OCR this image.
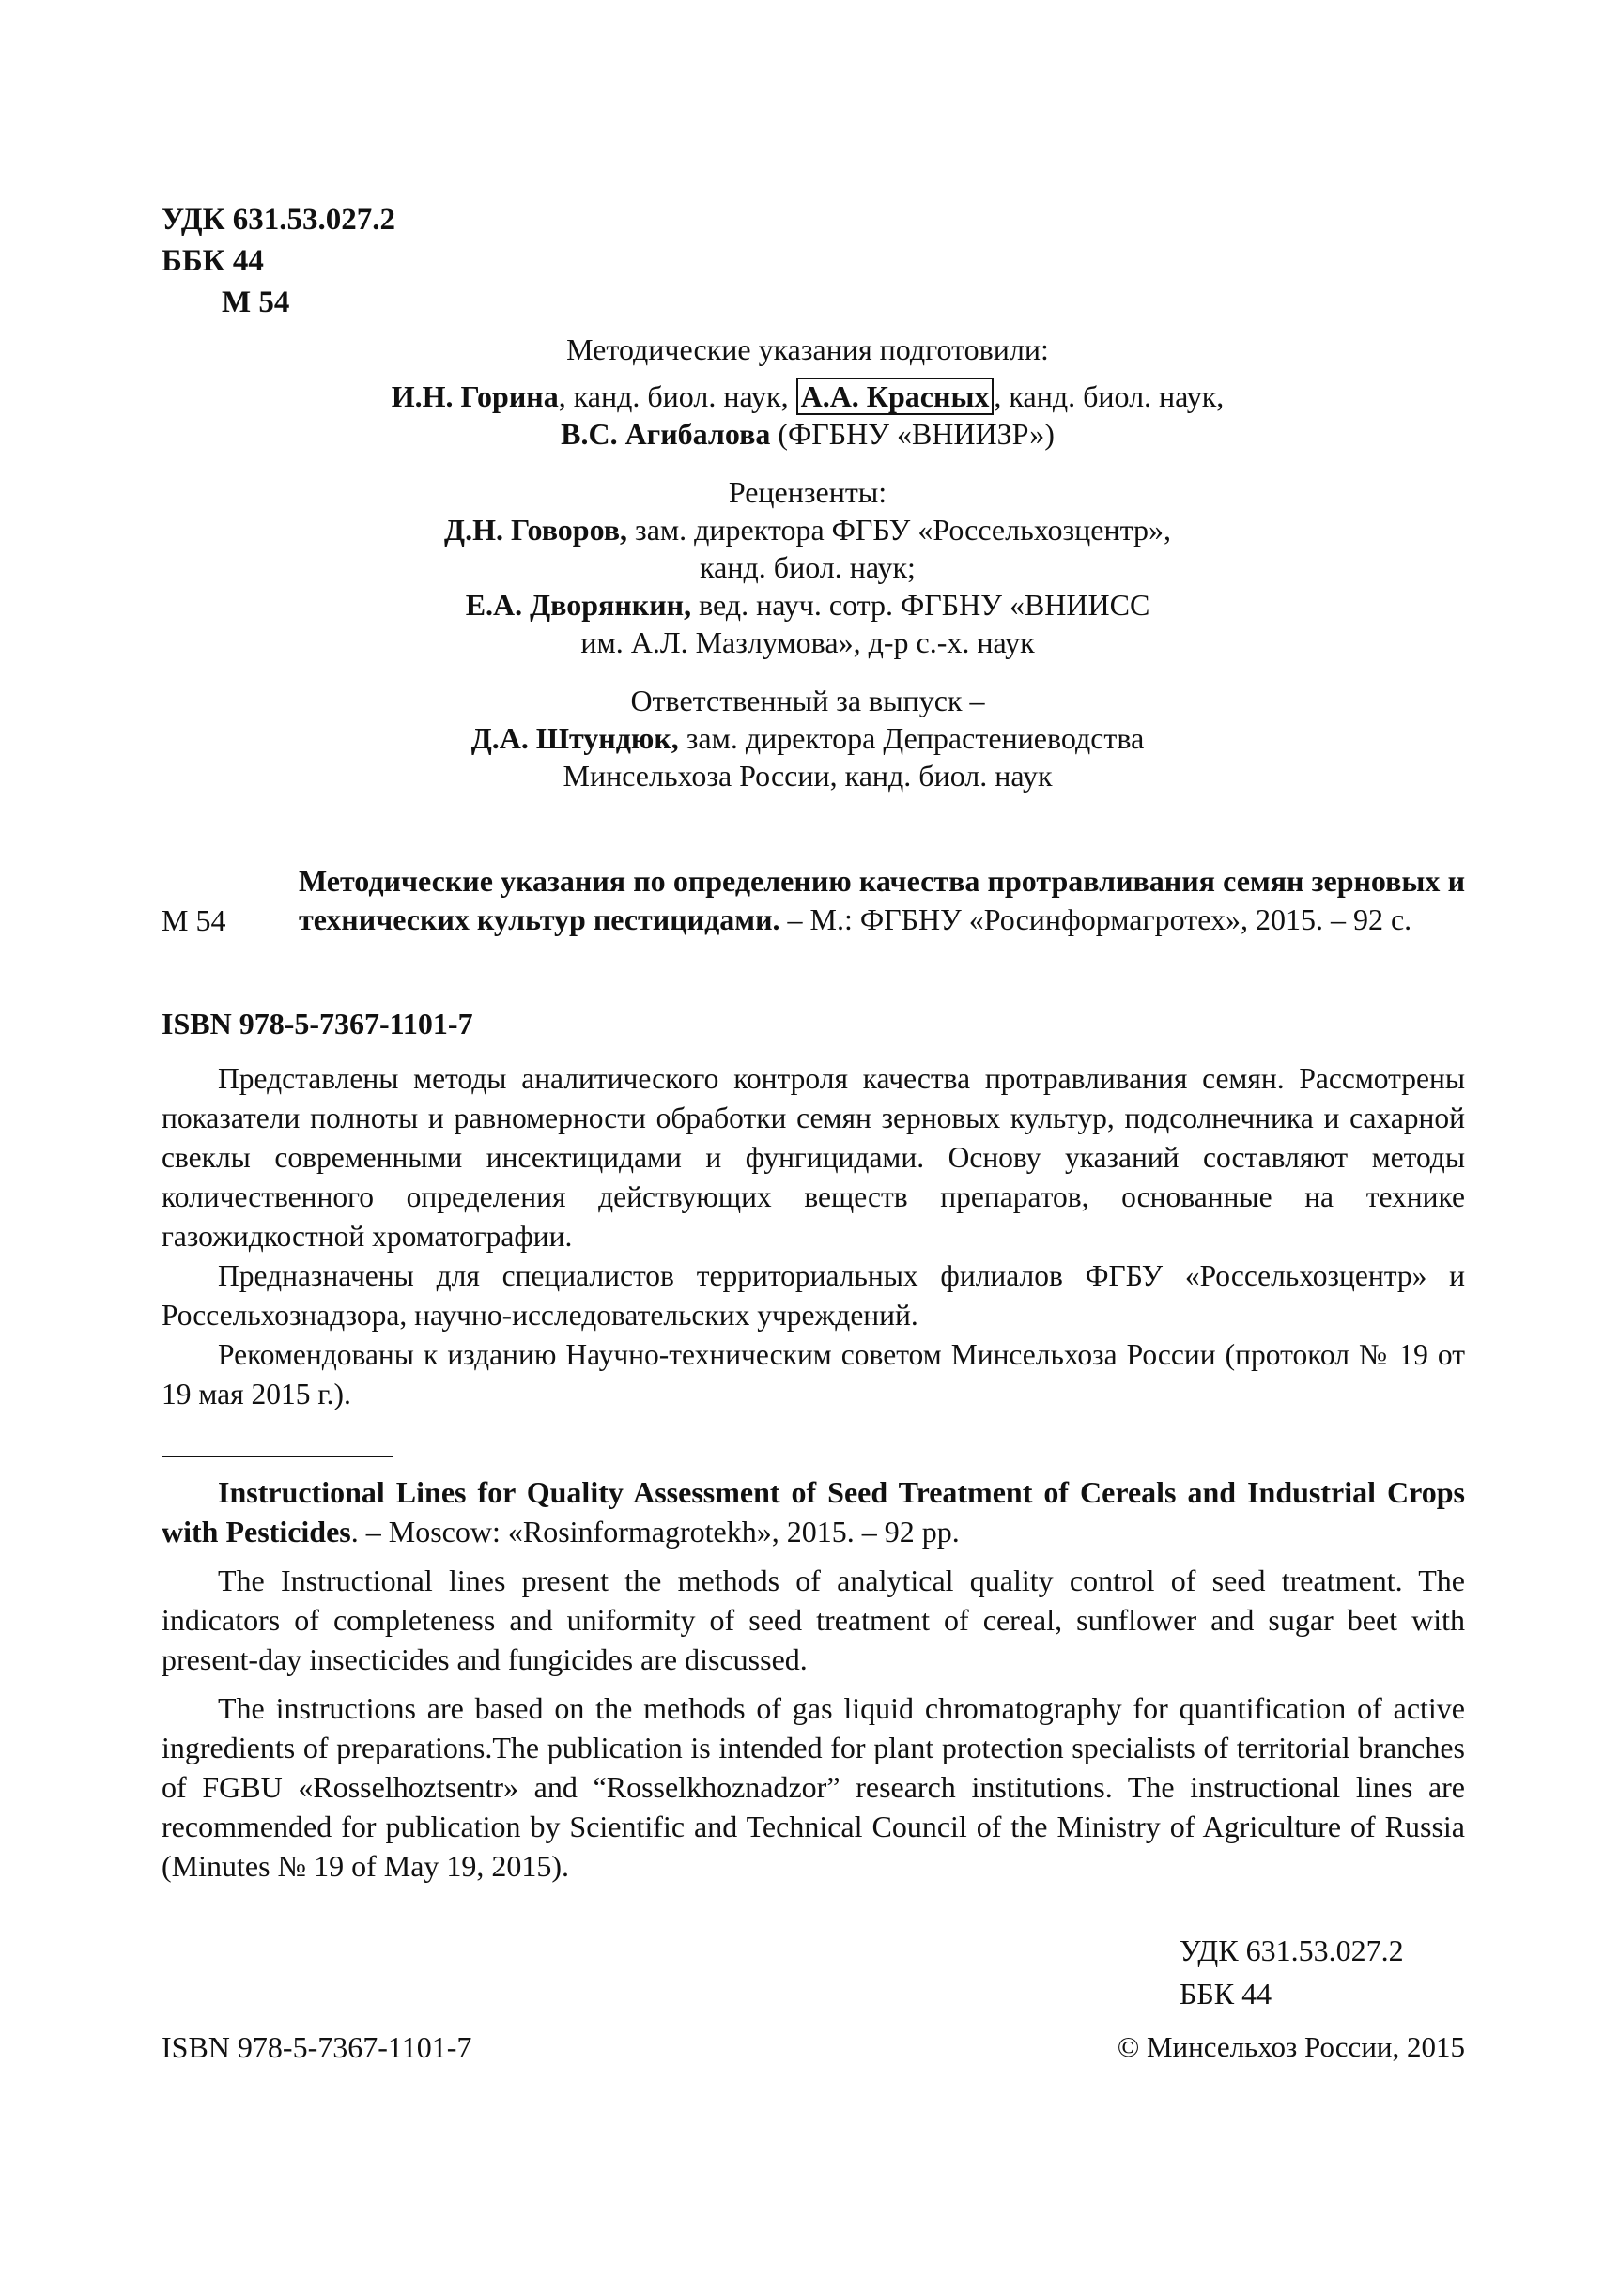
УДК 631.53.027.2
ББК 44
М 54
Методические указания подготовили:
И.Н. Горина, канд. биол. наук, А.А. Красных , канд. биол. наук,
В.С. Агибалова (ФГБНУ «ВНИИЗР»)
Рецензенты:
Д.Н. Говоров, зам. директора ФГБУ «Россельхозцентр»,
канд. биол. наук;
Е.А. Дворянкин, вед. науч. сотр. ФГБНУ «ВНИИСС
им. А.Л. Мазлумова», д-р с.-х. наук
Ответственный за выпуск –
Д.А. Штундюк, зам. директора Депрастениеводства
Минсельхоза России, канд. биол. наук
М 54
Методические указания по определению качества протравливания семян зерновых и технических культур пестицидами. – М.: ФГБНУ «Росинформагротех», 2015. – 92 с.
ISBN 978-5-7367-1101-7

Представлены методы аналитического контроля качества протравливания семян. Рассмотрены показатели полноты и равномерности обработки семян зерновых культур, подсолнечника и сахарной свеклы современными инсектицидами и фунгицидами. Основу указаний составляют методы количественного определения действующих веществ препаратов, основанные на технике газожидкостной хроматографии.

Предназначены для специалистов территориальных филиалов ФГБУ «Россельхозцентр» и Россельхознадзора, научно-исследовательских учреждений.

Рекомендованы к изданию Научно-техническим советом Минсельхоза России (протокол № 19 от 19 мая 2015 г.).

Instructional Lines for Quality Assessment of Seed Treatment of Cereals and Industrial Crops with Pesticides. – Moscow: «Rosinformagrotekh», 2015. – 92 pp.

The Instructional lines present the methods of analytical quality control of seed treatment. The indicators of completeness and uniformity of seed treatment of cereal, sunflower and sugar beet with present-day insecticides and fungicides are discussed.

The instructions are based on the methods of gas liquid chromatography for quantification of active ingredients of preparations.The publication is intended for plant protection specialists of territorial branches of FGBU «Rosselhoztsentr» and “Rosselkhoznadzor” research institutions. The instructional lines are recommended for publication by Scientific and Technical Council of the Ministry of Agriculture of Russia (Minutes № 19 of May 19, 2015).

УДК 631.53.027.2
ББК 44
ISBN 978-5-7367-1101-7	© Минсельхоз России, 2015
